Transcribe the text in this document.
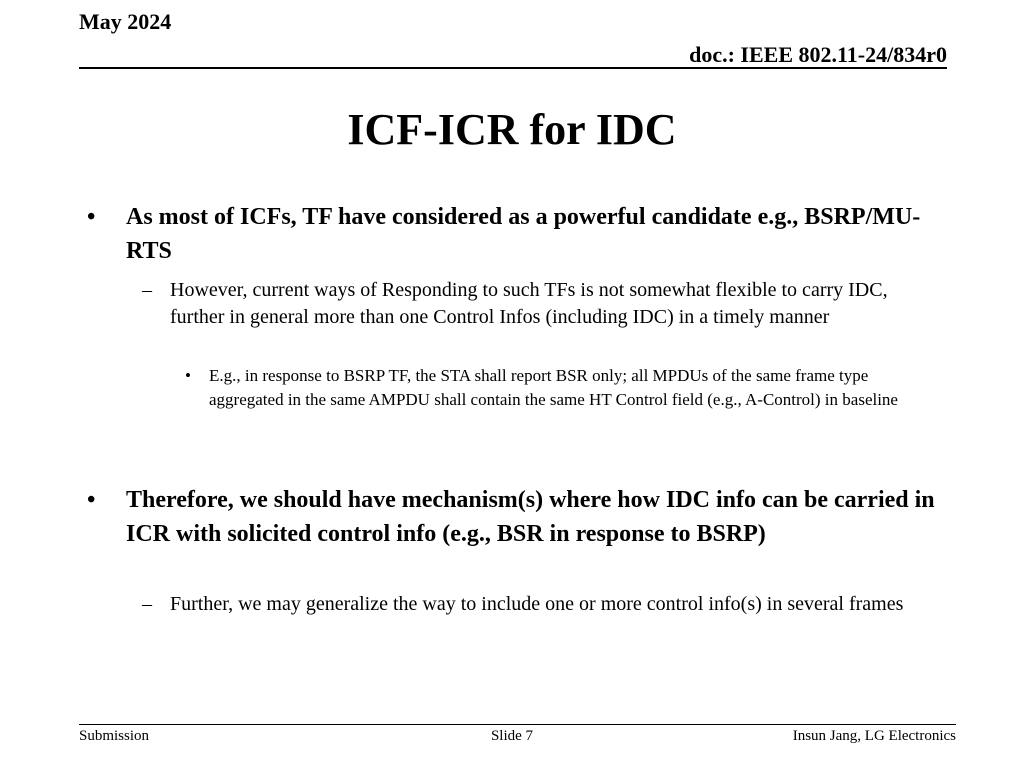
May 2024
doc.: IEEE 802.11-24/834r0
ICF-ICR for IDC
• As most of ICFs, TF have considered as a powerful candidate e.g., BSRP/MU-RTS
– However, current ways of Responding to such TFs is not somewhat flexible to carry IDC, further in general more than one Control Infos (including IDC) in a timely manner
• E.g., in response to BSRP TF, the STA shall report BSR only; all MPDUs of the same frame type aggregated in the same AMPDU shall contain the same HT Control field (e.g., A-Control) in baseline
• Therefore, we should have mechanism(s) where how IDC info can be carried in ICR with solicited control info (e.g., BSR in response to BSRP)
– Further, we may generalize the way to include one or more control info(s) in several frames
Submission	Slide 7	Insun Jang, LG Electronics
